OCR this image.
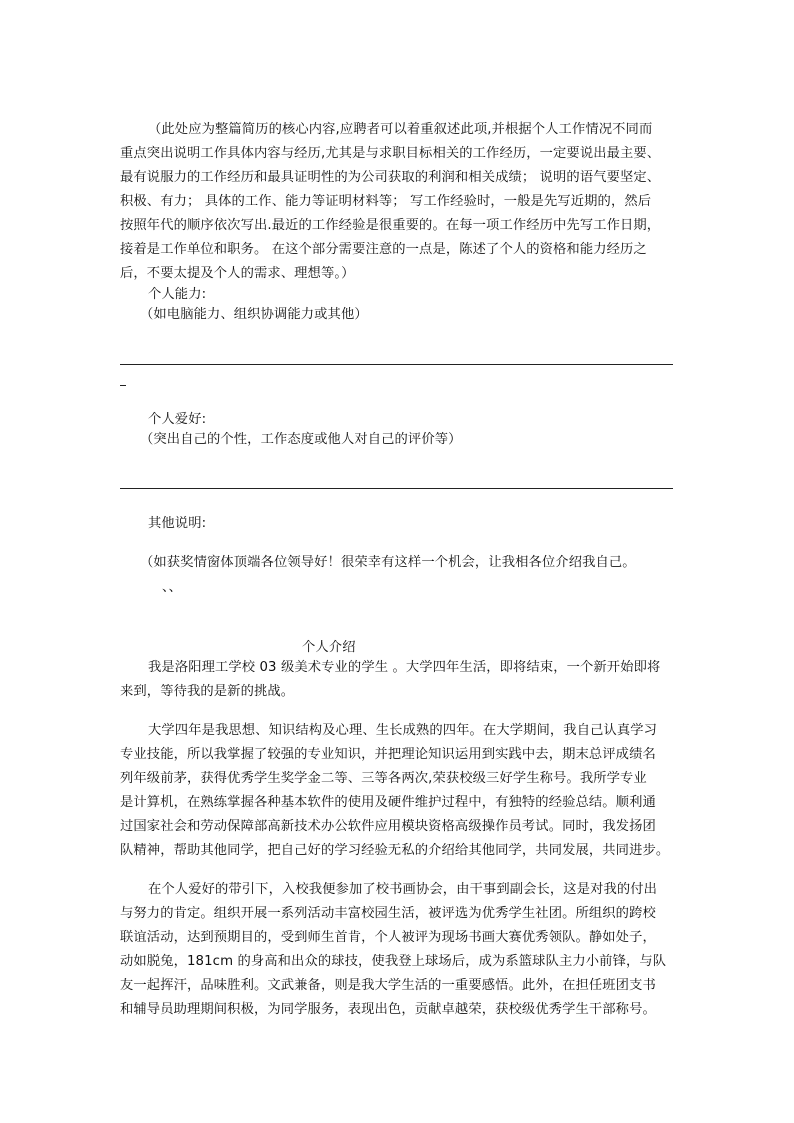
（此处应为整篇简历的核心内容,应聘者可以着重叙述此项,并根据个人工作情况不同而
重点突出说明工作具体内容与经历,尤其是与求职目标相关的工作经历，一定要说出最主要、
最有说服力的工作经历和最具证明性的为公司获取的利润和相关成绩； 说明的语气要坚定、
积极、有力； 具体的工作、能力等证明材料等； 写工作经验时，一般是先写近期的，然后
按照年代的顺序依次写出.最近的工作经验是很重要的。在每一项工作经历中先写工作日期，
接着是工作单位和职务。 在这个部分需要注意的一点是，陈述了个人的资格和能力经历之
后，不要太提及个人的需求、理想等。）
个人能力:
（如电脑能力、组织协调能力或其他）
个人爱好:
（突出自己的个性，工作态度或他人对自己的评价等）
其他说明:
（如获奖情窗体顶端各位领导好！很荣幸有这样一个机会，让我相各位介绍我自己。
、、
个人介绍
我是洛阳理工学校 03 级美术专业的学生 。大学四年生活，即将结束，一个新开始即将
来到，等待我的是新的挑战。
大学四年是我思想、知识结构及心理、生长成熟的四年。在大学期间，我自己认真学习
专业技能，所以我掌握了较强的专业知识，并把理论知识运用到实践中去，期末总评成绩名
列年级前茅，获得优秀学生奖学金二等、三等各两次,荣获校级三好学生称号。我所学专业
是计算机，在熟练掌握各种基本软件的使用及硬件维护过程中，有独特的经验总结。顺利通
过国家社会和劳动保障部高新技术办公软件应用模块资格高级操作员考试。同时，我发扬团
队精神，帮助其他同学，把自己好的学习经验无私的介绍给其他同学，共同发展，共同进步。
在个人爱好的带引下，入校我便参加了校书画协会，由干事到副会长，这是对我的付出
与努力的肯定。组织开展一系列活动丰富校园生活，被评选为优秀学生社团。所组织的跨校
联谊活动，达到预期目的，受到师生首肯，个人被评为现场书画大赛优秀领队。静如处子，
动如脱兔，181cm 的身高和出众的球技，使我登上球场后，成为系篮球队主力小前锋，与队
友一起挥汗，品味胜利。文武兼备，则是我大学生活的一重要感悟。此外，在担任班团支书
和辅导员助理期间积极，为同学服务，表现出色，贡献卓越荣，获校级优秀学生干部称号。
